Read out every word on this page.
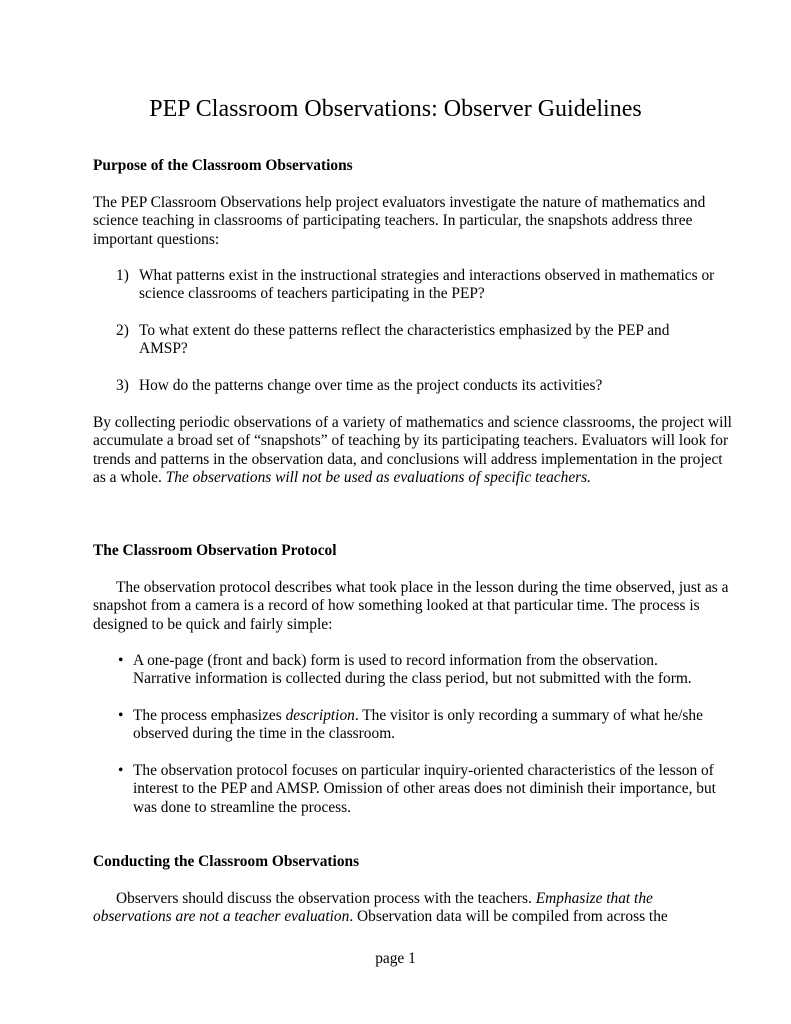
PEP Classroom Observations: Observer Guidelines
Purpose of the Classroom Observations

The PEP Classroom Observations help project evaluators investigate the nature of mathematics and science teaching in classrooms of participating teachers. In particular, the snapshots address three important questions:

1) What patterns exist in the instructional strategies and interactions observed in mathematics or science classrooms of teachers participating in the PEP?
2) To what extent do these patterns reflect the characteristics emphasized by the PEP and AMSP?
3) How do the patterns change over time as the project conducts its activities?

By collecting periodic observations of a variety of mathematics and science classrooms, the project will accumulate a broad set of “snapshots” of teaching by its participating teachers. Evaluators will look for trends and patterns in the observation data, and conclusions will address implementation in the project as a whole. The observations will not be used as evaluations of specific teachers.

The Classroom Observation Protocol

The observation protocol describes what took place in the lesson during the time observed, just as a snapshot from a camera is a record of how something looked at that particular time. The process is designed to be quick and fairly simple:

• A one-page (front and back) form is used to record information from the observation. Narrative information is collected during the class period, but not submitted with the form.
• The process emphasizes description. The visitor is only recording a summary of what he/she observed during the time in the classroom.
• The observation protocol focuses on particular inquiry-oriented characteristics of the lesson of interest to the PEP and AMSP. Omission of other areas does not diminish their importance, but was done to streamline the process.
Conducting the Classroom Observations

Observers should discuss the observation process with the teachers. Emphasize that the observations are not a teacher evaluation. Observation data will be compiled from across the

page 1
